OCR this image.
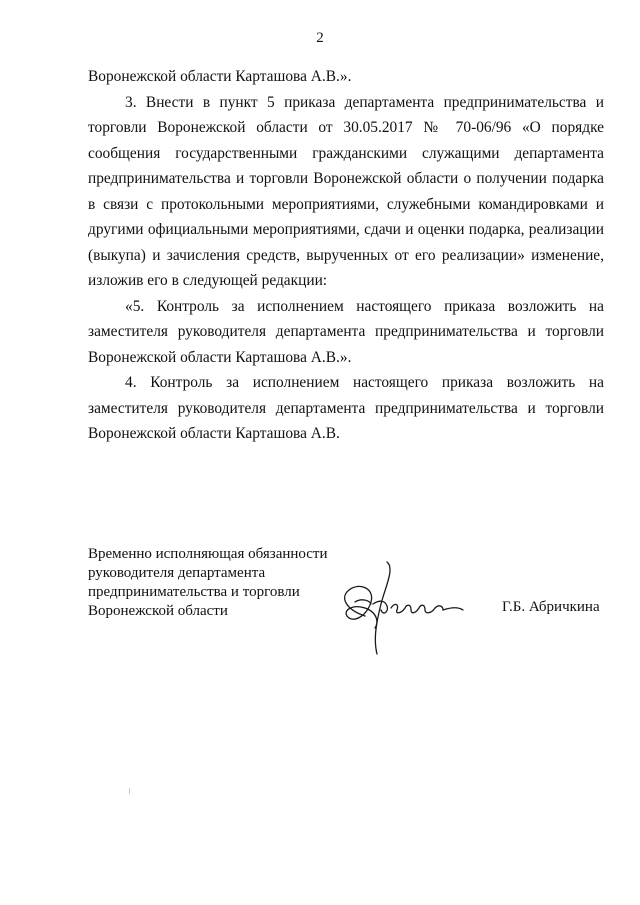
2

Воронежской области Карташова А.В.».

3. Внести в пункт 5 приказа департамента предпринимательства и торговли Воронежской области от 30.05.2017 № 70-06/96 «О порядке сообщения государственными гражданскими служащими департамента предпринимательства и торговли Воронежской области о получении подарка в связи с протокольными мероприятиями, служебными командировками и другими официальными мероприятиями, сдачи и оценки подарка, реализации (выкупа) и зачисления средств, вырученных от его реализации» изменение, изложив его в следующей редакции:

«5. Контроль за исполнением настоящего приказа возложить на заместителя руководителя департамента предпринимательства и торговли Воронежской области Карташова А.В.».

4. Контроль за исполнением настоящего приказа возложить на заместителя руководителя департамента предпринимательства и торговли Воронежской области Карташова А.В.

Временно исполняющая обязанности
руководителя департамента
предпринимательства и торговли
Воронежской области	Г.Б. Абричкина
